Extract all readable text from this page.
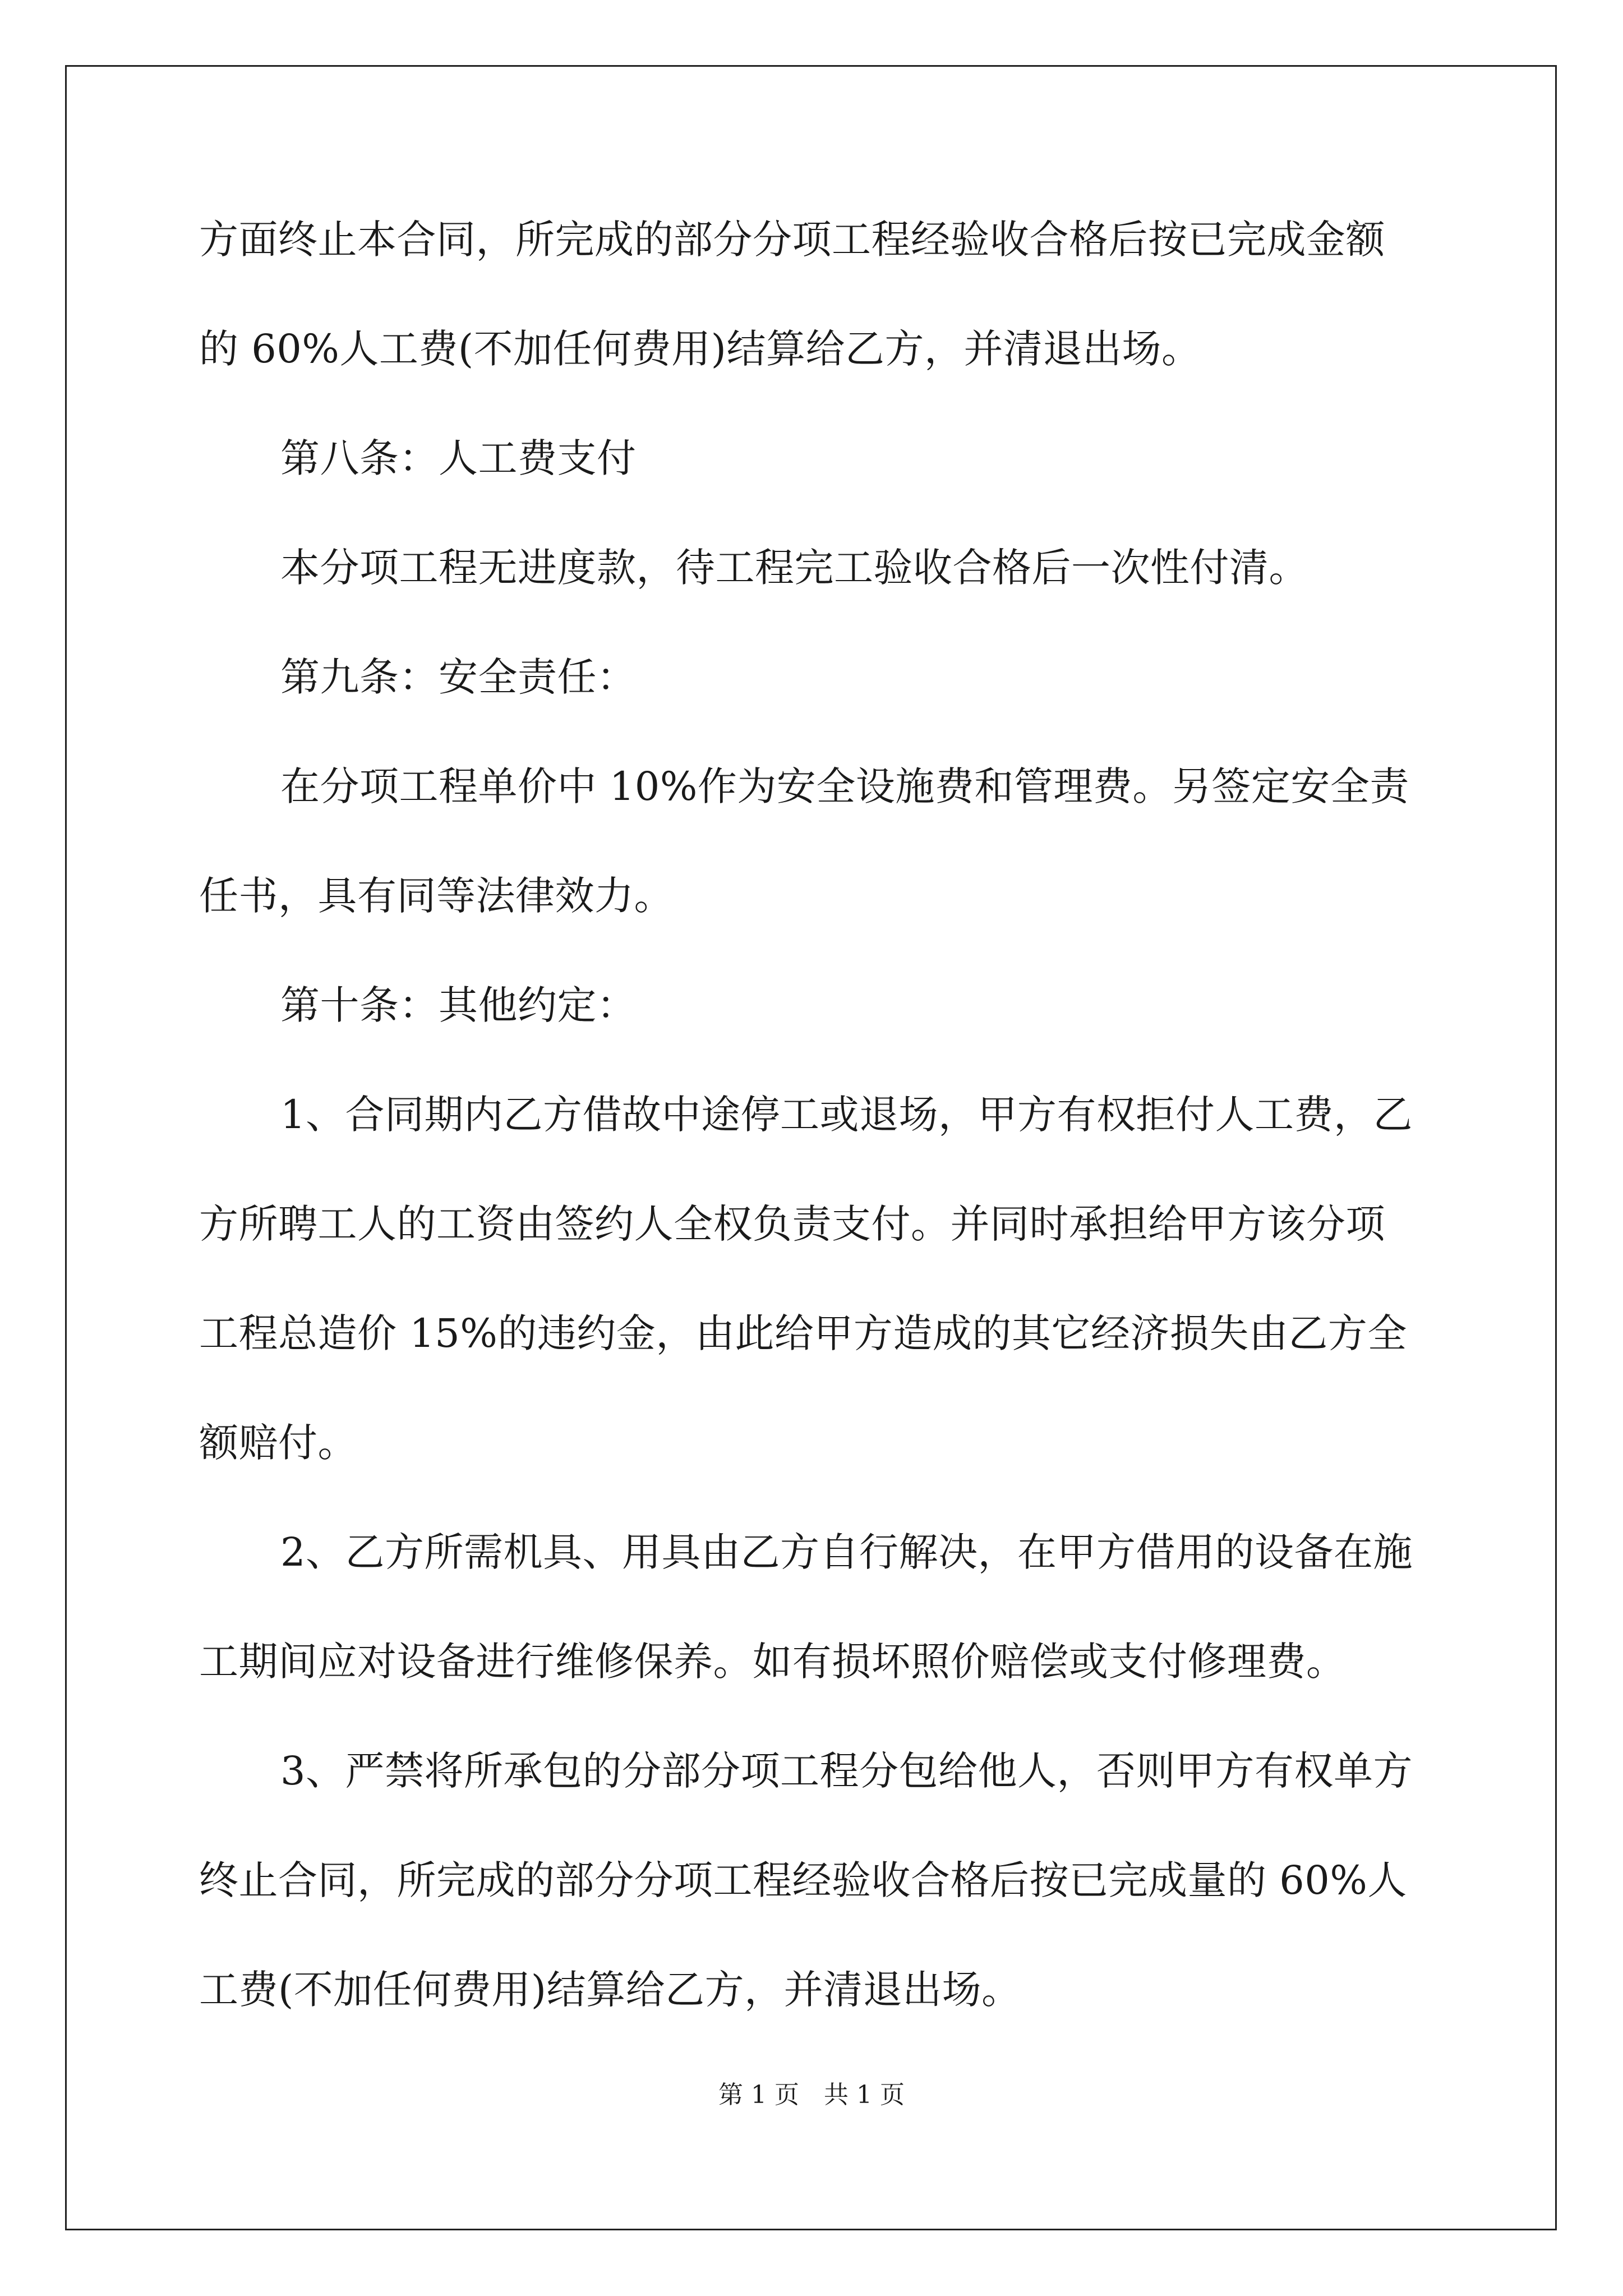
方面终止本合同，所完成的部分分项工程经验收合格后按已完成金额
的 60%人工费(不加任何费用)结算给乙方，并清退出场。
第八条：人工费支付
本分项工程无进度款，待工程完工验收合格后一次性付清。
第九条：安全责任：
在分项工程单价中 10%作为安全设施费和管理费。另签定安全责
任书，具有同等法律效力。
第十条：其他约定：
1、合同期内乙方借故中途停工或退场，甲方有权拒付人工费，乙
方所聘工人的工资由签约人全权负责支付。并同时承担给甲方该分项
工程总造价 15%的违约金，由此给甲方造成的其它经济损失由乙方全
额赔付。
2、乙方所需机具、用具由乙方自行解决，在甲方借用的设备在施
工期间应对设备进行维修保养。如有损坏照价赔偿或支付修理费。
3、严禁将所承包的分部分项工程分包给他人，否则甲方有权单方
终止合同，所完成的部分分项工程经验收合格后按已完成量的 60%人
工费(不加任何费用)结算给乙方，并清退出场。
第 1 页　共 1 页
